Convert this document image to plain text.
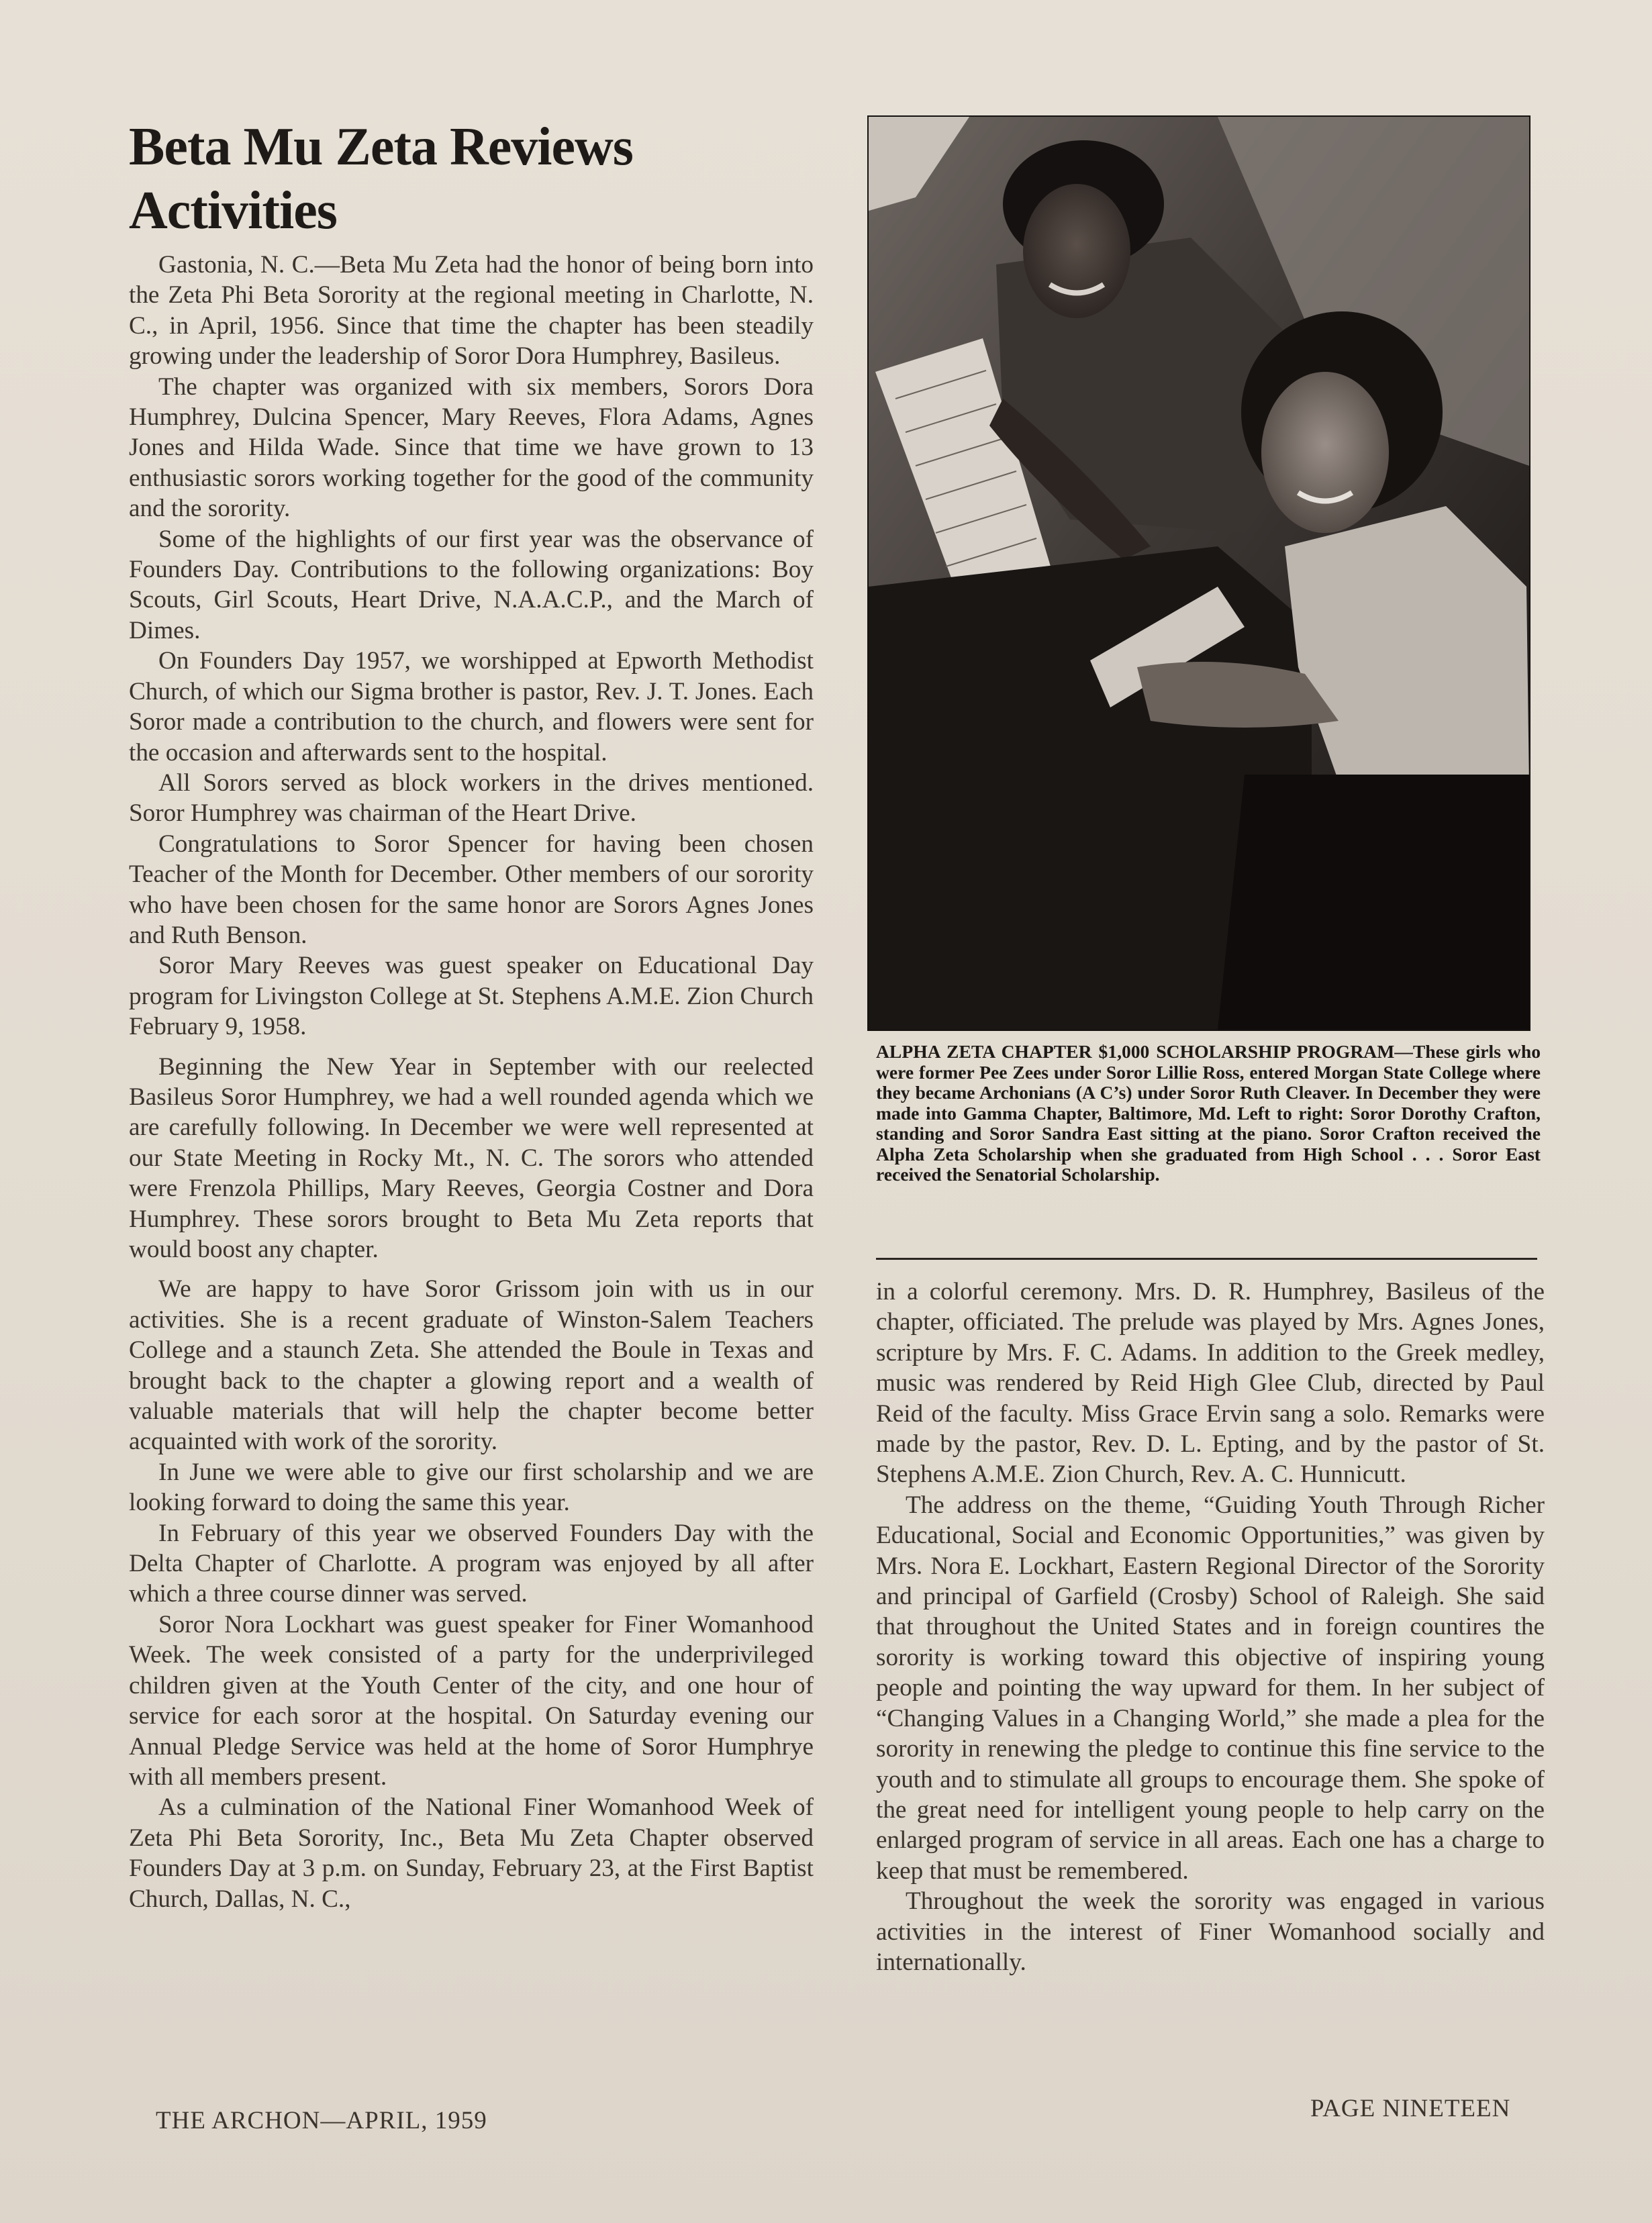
Beta Mu Zeta Reviews
Activities

Gastonia, N. C.—Beta Mu Zeta had the honor of being born into the Zeta Phi Beta Sorority at the regional meeting in Charlotte, N. C., in April, 1956. Since that time the chapter has been steadily growing under the leadership of Soror Dora Humphrey, Basileus.

The chapter was organized with six members, Sorors Dora Humphrey, Dulcina Spencer, Mary Reeves, Flora Adams, Agnes Jones and Hilda Wade. Since that time we have grown to 13 enthusiastic sorors working together for the good of the community and the sorority.

Some of the highlights of our first year was the observance of Founders Day. Contributions to the following organizations: Boy Scouts, Girl Scouts, Heart Drive, N.A.A.C.P., and the March of Dimes.

On Founders Day 1957, we worshipped at Epworth Methodist Church, of which our Sigma brother is pastor, Rev. J. T. Jones. Each Soror made a contribution to the church, and flowers were sent for the occasion and afterwards sent to the hospital.

All Sorors served as block workers in the drives mentioned. Soror Humphrey was chairman of the Heart Drive.

Congratulations to Soror Spencer for having been chosen Teacher of the Month for December. Other members of our sorority who have been chosen for the same honor are Sorors Agnes Jones and Ruth Benson.

Soror Mary Reeves was guest speaker on Educational Day program for Livingston College at St. Stephens A.M.E. Zion Church February 9, 1958.

Beginning the New Year in September with our reelected Basileus Soror Humphrey, we had a well rounded agenda which we are carefully following. In December we were well represented at our State Meeting in Rocky Mt., N. C. The sorors who attended were Frenzola Phillips, Mary Reeves, Georgia Costner and Dora Humphrey. These sorors brought to Beta Mu Zeta reports that would boost any chapter.

We are happy to have Soror Grissom join with us in our activities. She is a recent graduate of Winston-Salem Teachers College and a staunch Zeta. She attended the Boule in Texas and brought back to the chapter a glowing report and a wealth of valuable materials that will help the chapter become better acquainted with work of the sorority.

In June we were able to give our first scholarship and we are looking forward to doing the same this year.

In February of this year we observed Founders Day with the Delta Chapter of Charlotte. A program was enjoyed by all after which a three course dinner was served.

Soror Nora Lockhart was guest speaker for Finer Womanhood Week. The week consisted of a party for the underprivileged children given at the Youth Center of the city, and one hour of service for each soror at the hospital. On Saturday evening our Annual Pledge Service was held at the home of Soror Humphrye with all members present.

As a culmination of the National Finer Womanhood Week of Zeta Phi Beta Sorority, Inc., Beta Mu Zeta Chapter observed Founders Day at 3 p.m. on Sunday, February 23, at the First Baptist Church, Dallas, N. C.,

ALPHA ZETA CHAPTER $1,000 SCHOLARSHIP PROGRAM—These girls who were former Pee Zees under Soror Lillie Ross, entered Morgan State College where they became Archonians (A C’s) under Soror Ruth Cleaver. In December they were made into Gamma Chapter, Baltimore, Md. Left to right: Soror Dorothy Crafton, standing and Soror Sandra East sitting at the piano. Soror Crafton received the Alpha Zeta Scholarship when she graduated from High School . . . Soror East received the Senatorial Scholarship.

in a colorful ceremony. Mrs. D. R. Humphrey, Basileus of the chapter, officiated. The prelude was played by Mrs. Agnes Jones, scripture by Mrs. F. C. Adams. In addition to the Greek medley, music was rendered by Reid High Glee Club, directed by Paul Reid of the faculty. Miss Grace Ervin sang a solo. Remarks were made by the pastor, Rev. D. L. Epting, and by the pastor of St. Stephens A.M.E. Zion Church, Rev. A. C. Hunnicutt.

The address on the theme, “Guiding Youth Through Richer Educational, Social and Economic Opportunities,” was given by Mrs. Nora E. Lockhart, Eastern Regional Director of the Sorority and principal of Garfield (Crosby) School of Raleigh. She said that throughout the United States and in foreign countires the sorority is working toward this objective of inspiring young people and pointing the way upward for them. In her subject of “Changing Values in a Changing World,” she made a plea for the sorority in renewing the pledge to continue this fine service to the youth and to stimulate all groups to encourage them. She spoke of the great need for intelligent young people to help carry on the enlarged program of service in all areas. Each one has a charge to keep that must be remembered.

Throughout the week the sorority was engaged in various activities in the interest of Finer Womanhood socially and internationally.

THE ARCHON—APRIL, 1959	PAGE NINETEEN
